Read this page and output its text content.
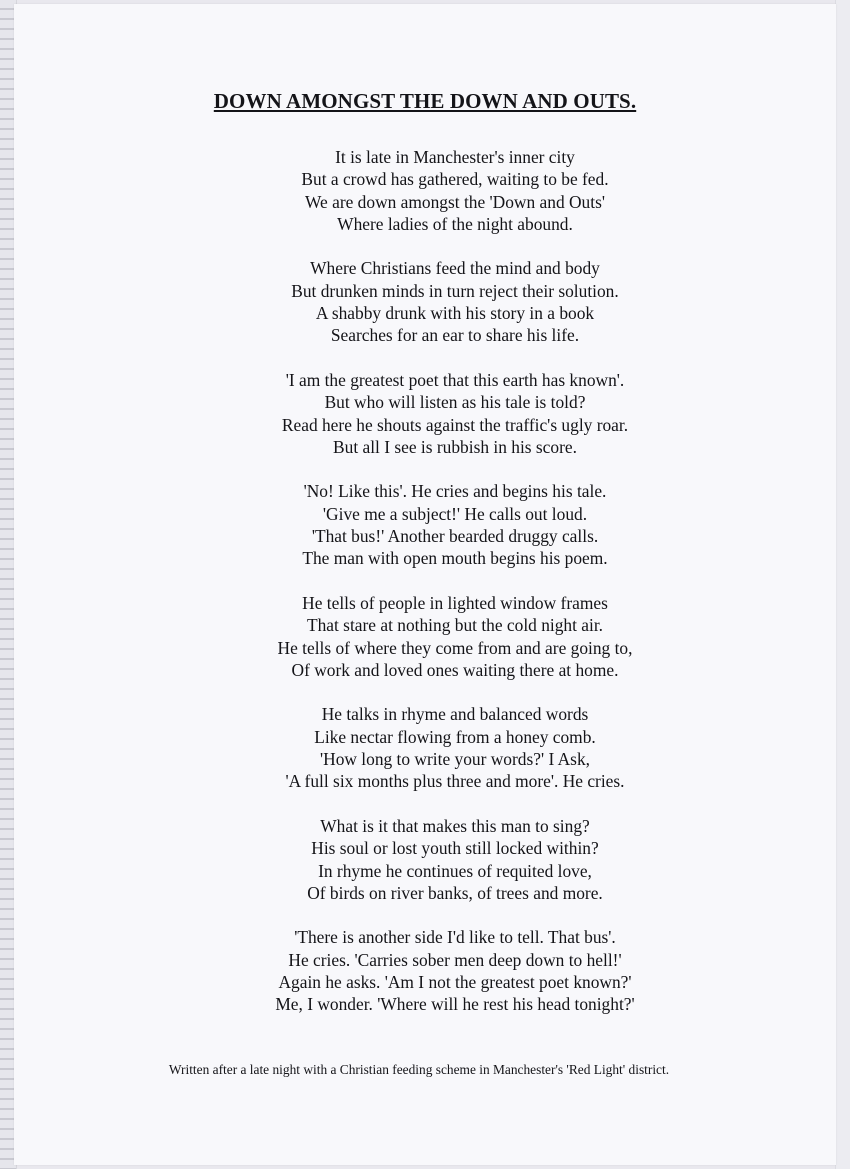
DOWN AMONGST THE DOWN AND OUTS.
It is late in Manchester's inner city
But a crowd has gathered, waiting to be fed.
We are down amongst the 'Down and Outs'
Where ladies of the night abound.
Where Christians feed the mind and body
But drunken minds in turn reject their solution.
A shabby drunk with his story in a book
Searches for an ear to share his life.
'I am the greatest poet that this earth has known'.
But who will listen as his tale is told?
Read here he shouts against the traffic's ugly roar.
But all I see is rubbish in his score.
'No! Like this'. He cries and begins his tale.
'Give me a subject!' He calls out loud.
'That bus!' Another bearded druggy calls.
The man with open mouth begins his poem.
He tells of people in lighted window frames
That stare at nothing but the cold night air.
He tells of where they come from and are going to,
Of work and loved ones waiting there at home.
He talks in rhyme and balanced words
Like nectar flowing from a honey comb.
'How long to write your words?' I Ask,
'A full six months plus three and more'. He cries.
What is it that makes this man to sing?
His soul or lost youth still locked within?
In rhyme he continues of requited love,
Of birds on river banks, of trees and more.
'There is another side I'd like to tell. That bus'.
He cries. 'Carries sober men deep down to hell!'
Again he asks. 'Am I not the greatest poet known?'
Me, I wonder. 'Where will he rest his head tonight?'
Written after a late night with a Christian feeding scheme in Manchester's 'Red Light' district.
